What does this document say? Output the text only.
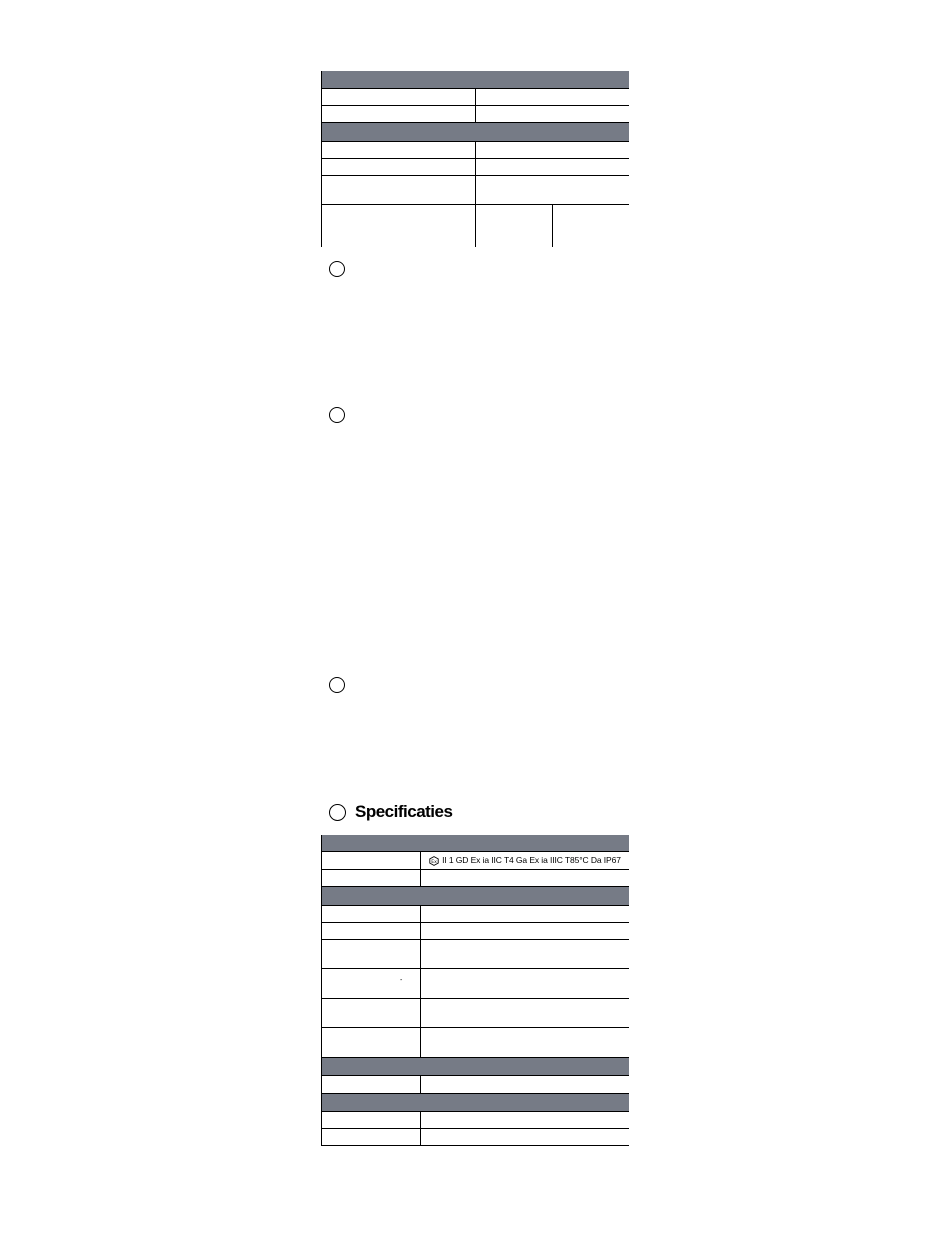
Specificaties
Ex II 1 GD Ex ia IIC T4 Ga Ex ia IIIC T85°C Da IP67
-
